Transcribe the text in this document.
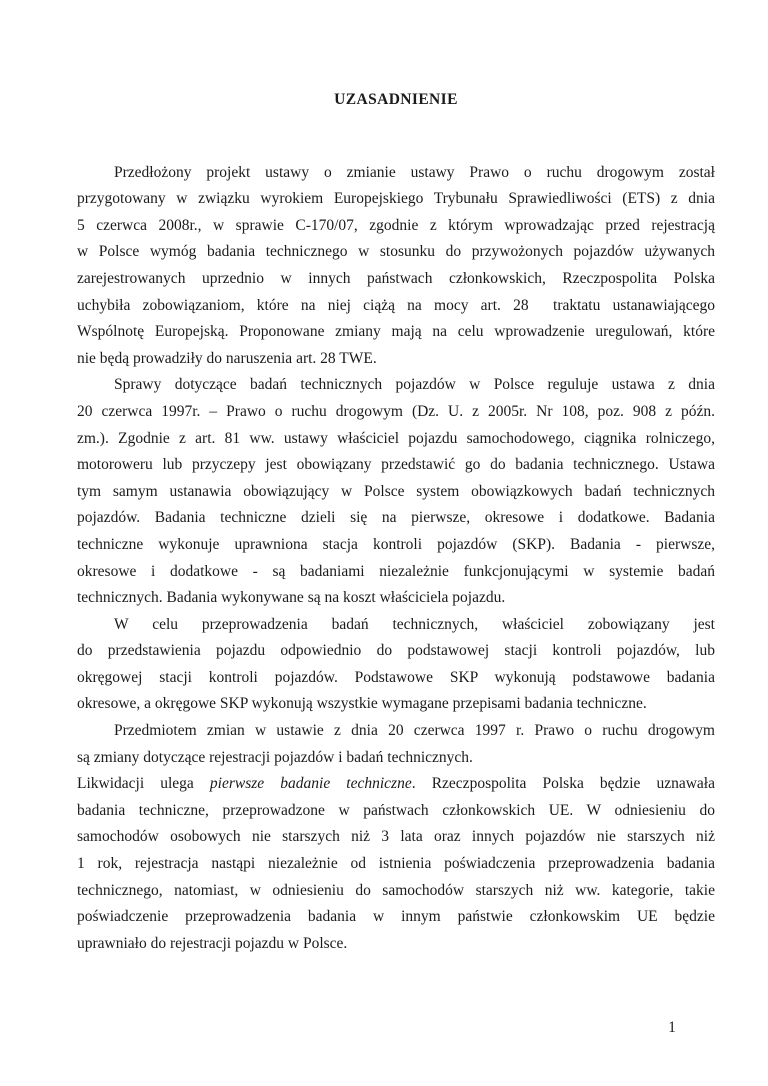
UZASADNIENIE
Przedłożony projekt ustawy o zmianie ustawy Prawo o ruchu drogowym został
przygotowany w związku wyrokiem Europejskiego Trybunału Sprawiedliwości (ETS) z dnia
5 czerwca 2008r., w sprawie C-170/07, zgodnie z którym wprowadzając przed rejestracją
w Polsce wymóg badania technicznego w stosunku do przywożonych pojazdów używanych
zarejestrowanych uprzednio w innych państwach członkowskich, Rzeczpospolita Polska
uchybiła zobowiązaniom, które na niej ciążą na mocy art. 28  traktatu ustanawiającego
Wspólnotę Europejską. Proponowane zmiany mają na celu wprowadzenie uregulowań, które
nie będą prowadziły do naruszenia art. 28 TWE.
Sprawy dotyczące badań technicznych pojazdów w Polsce reguluje ustawa z dnia
20 czerwca 1997r. – Prawo o ruchu drogowym (Dz. U. z 2005r. Nr 108, poz. 908 z późn.
zm.). Zgodnie z art. 81 ww. ustawy właściciel pojazdu samochodowego, ciągnika rolniczego,
motoroweru lub przyczepy jest obowiązany przedstawić go do badania technicznego. Ustawa
tym samym ustanawia obowiązujący w Polsce system obowiązkowych badań technicznych
pojazdów. Badania techniczne dzieli się na pierwsze, okresowe i dodatkowe. Badania
techniczne wykonuje uprawniona stacja kontroli pojazdów (SKP). Badania - pierwsze,
okresowe i dodatkowe - są badaniami niezależnie funkcjonującymi w systemie badań
technicznych. Badania wykonywane są na koszt właściciela pojazdu.
W celu przeprowadzenia badań technicznych, właściciel zobowiązany jest
do przedstawienia pojazdu odpowiednio do podstawowej stacji kontroli pojazdów, lub
okręgowej stacji kontroli pojazdów. Podstawowe SKP wykonują podstawowe badania
okresowe, a okręgowe SKP wykonują wszystkie wymagane przepisami badania techniczne.
Przedmiotem zmian w ustawie z dnia 20 czerwca 1997 r. Prawo o ruchu drogowym
są zmiany dotyczące rejestracji pojazdów i badań technicznych.
Likwidacji ulega pierwsze badanie techniczne. Rzeczpospolita Polska będzie uznawała
badania techniczne, przeprowadzone w państwach członkowskich UE. W odniesieniu do
samochodów osobowych nie starszych niż 3 lata oraz innych pojazdów nie starszych niż
1 rok, rejestracja nastąpi niezależnie od istnienia poświadczenia przeprowadzenia badania
technicznego, natomiast, w odniesieniu do samochodów starszych niż ww. kategorie, takie
poświadczenie przeprowadzenia badania w innym państwie członkowskim UE będzie
uprawniało do rejestracji pojazdu w Polsce.
1
